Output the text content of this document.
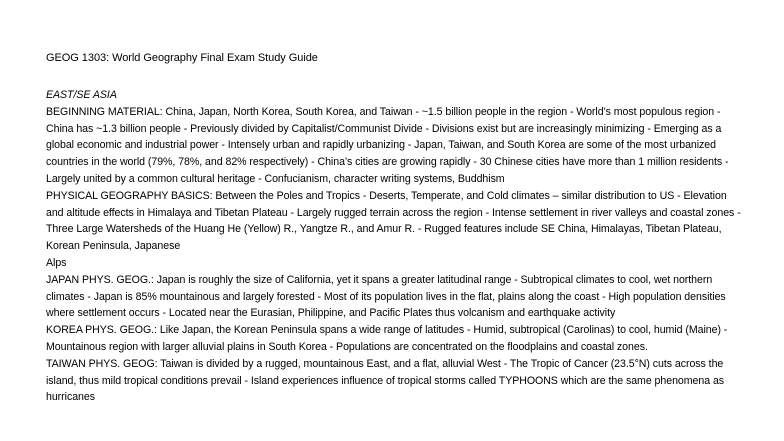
GEOG 1303: World Geography Final Exam Study Guide

EAST/SE ASIA

BEGINNING MATERIAL: China, Japan, North Korea, South Korea, and Taiwan - ~1.5 billion people in the region - World’s most populous region - China has ~1.3 billion people - Previously divided by Capitalist/Communist Divide - Divisions exist but are increasingly minimizing - Emerging as a global economic and industrial power - Intensely urban and rapidly urbanizing - Japan, Taiwan, and South Korea are some of the most urbanized countries in the world (79%, 78%, and 82% respectively) - China’s cities are growing rapidly - 30 Chinese cities have more than 1 million residents - Largely united by a common cultural heritage - Confucianism, character writing systems, Buddhism

PHYSICAL GEOGRAPHY BASICS: Between the Poles and Tropics - Deserts, Temperate, and Cold climates – similar distribution to US - Elevation and altitude effects in Himalaya and Tibetan Plateau - Largely rugged terrain across the region - Intense settlement in river valleys and coastal zones - Three Large Watersheds of the Huang He (Yellow) R., Yangtze R., and Amur R. - Rugged features include SE China, Himalayas, Tibetan Plateau, Korean Peninsula, Japanese

Alps

JAPAN PHYS. GEOG.: Japan is roughly the size of California, yet it spans a greater latitudinal range - Subtropical climates to cool, wet northern climates - Japan is 85% mountainous and largely forested - Most of its population lives in the flat, plains along the coast - High population densities where settlement occurs - Located near the Eurasian, Philippine, and Pacific Plates thus volcanism and earthquake activity

KOREA PHYS. GEOG.: Like Japan, the Korean Peninsula spans a wide range of latitudes - Humid, subtropical (Carolinas) to cool, humid (Maine) - Mountainous region with larger alluvial plains in South Korea - Populations are concentrated on the floodplains and coastal zones.

TAIWAN PHYS. GEOG: Taiwan is divided by a rugged, mountainous East, and a flat, alluvial West - The Tropic of Cancer (23.5°N) cuts across the island, thus mild tropical conditions prevail - Island experiences influence of tropical storms called TYPHOONS which are the same phenomena as hurricanes
